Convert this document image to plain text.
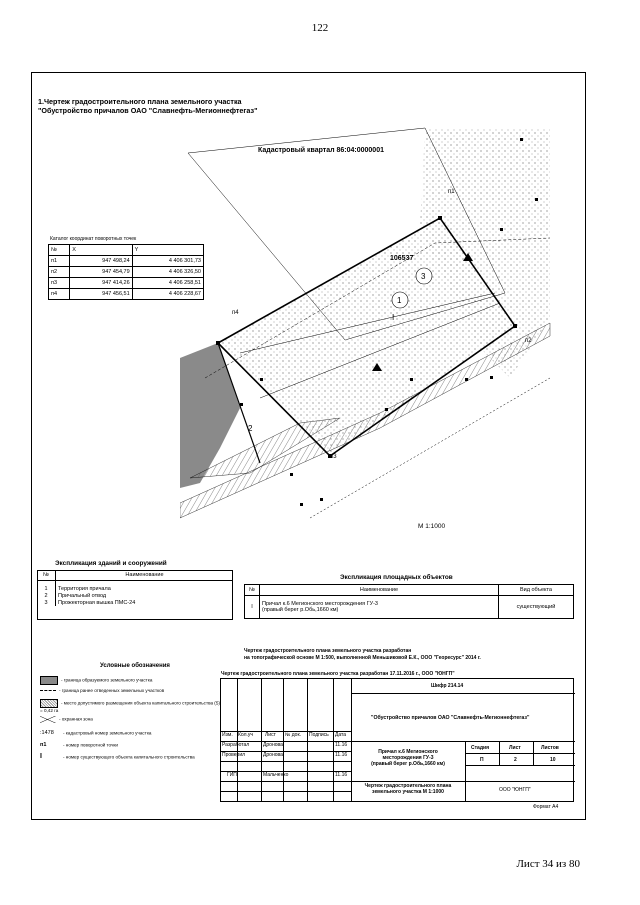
122
1.Чертеж градостроительного плана земельного участка
"Обустройство причалов ОАО "Славнефть-Мегионнефтегаз"
1
3
2
I
106537
п1
п2
п3
п4
М 1:1000
Кадастровый квартал 86:04:0000001
Каталог координат поворотных точек
№	X	Y
п1	947 498,24	4 406 301,73
п2	947 454,79	4 406 326,50
п3	947 414,26	4 406 258,51
п4	947 456,51	4 406 228,67
Экспликация зданий и сооружений
№	Наименование

1	Территория причала
2	Причальный отвод
3	Прожекторная вышка ПМС-24
Экспликация площадных объектов
№	Наименование	Вид объекта
I	Причал к.6 Мегионского месторождения ГУ-3
(правый берег р.Обь,1660 км)	существующий
Чертеж градостроительного плана земельного участка разработан
на топографической основе М 1:500, выполненной Меньшиковой Е.К., ООО "Георесурс" 2014 г.
Чертеж градостроительного плана земельного участка разработан 17.11.2016 г., ООО "ЮНГП"
Условные обозначения
- граница образуемого земельного участка
- граница ранее отведенных земельных участков
- место допустимого размещения объекта капитального строительства (5) = 0,42 га
- охранная зона
:1478 - кадастровый номер земельного участка
п1	- номер поворотной точки
I	- номер существующего объекта капитального строительства
Изм. Кол.уч Лист № док. Подпись Дата
Разработал	Дронова	11.16
Проверил	Дронова	11.16
ГИП	Мальченко	11.16
Шифр 214.14
"Обустройство причалов ОАО "Славнефть-Мегионнефтегаз"
Причал к.6 Мегионского
месторождения ГУ-3
(правый берег р.Обь,1660 км)
Стадия	Лист	Листов
П	2	10
Чертеж градостроительного плана
земельного участка М 1:1000	ООО "ЮНГП"
Формат А4
Лист 34 из 80
